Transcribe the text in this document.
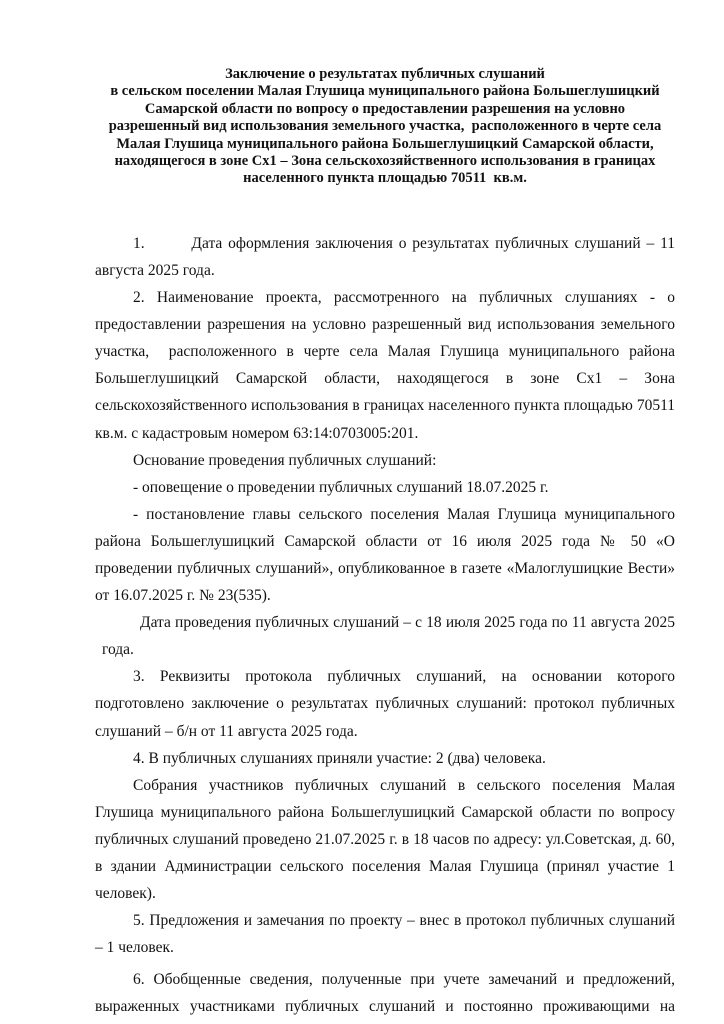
Заключение о результатах публичных слушаний
в сельском поселении Малая Глушица муниципального района Большеглушицкий
Самарской области по вопросу о предоставлении разрешения на условно
разрешенный вид использования земельного участка,  расположенного в черте села
Малая Глушица муниципального района Большеглушицкий Самарской области,
находящегося в зоне Сх1 – Зона сельскохозяйственного использования в границах
населенного пункта площадью 70511  кв.м.

1.        Дата оформления заключения о результатах публичных слушаний – 11 августа 2025 года.

2. Наименование проекта, рассмотренного на публичных слушаниях - о предоставлении разрешения на условно разрешенный вид использования земельного участка,  расположенного в черте села Малая Глушица муниципального района Большеглушицкий Самарской области, находящегося в зоне Сх1 – Зона сельскохозяйственного использования в границах населенного пункта площадью 70511 кв.м. с кадастровым номером 63:14:0703005:201.

Основание проведения публичных слушаний:

- оповещение о проведении публичных слушаний 18.07.2025 г.

- постановление главы сельского поселения Малая Глушица муниципального района Большеглушицкий Самарской области от 16 июля 2025 года № 50 «О проведении публичных слушаний», опубликованное в газете «Малоглушицкие Вести» от 16.07.2025 г. № 23(535).

Дата проведения публичных слушаний – с 18 июля 2025 года по 11 августа 2025 года.

3. Реквизиты протокола публичных слушаний, на основании которого подготовлено заключение о результатах публичных слушаний: протокол публичных слушаний – б/н от 11 августа 2025 года.

4. В публичных слушаниях приняли участие: 2 (два) человека.

Собрания участников публичных слушаний в сельского поселения Малая Глушица муниципального района Большеглушицкий Самарской области по вопросу публичных слушаний проведено 21.07.2025 г. в 18 часов по адресу: ул.Советская, д. 60, в здании Администрации сельского поселения Малая Глушица (принял участие 1 человек).

5. Предложения и замечания по проекту – внес в протокол публичных слушаний – 1 человек.

6. Обобщенные сведения, полученные при учете замечаний и предложений, выраженных участниками публичных слушаний и постоянно проживающими на
